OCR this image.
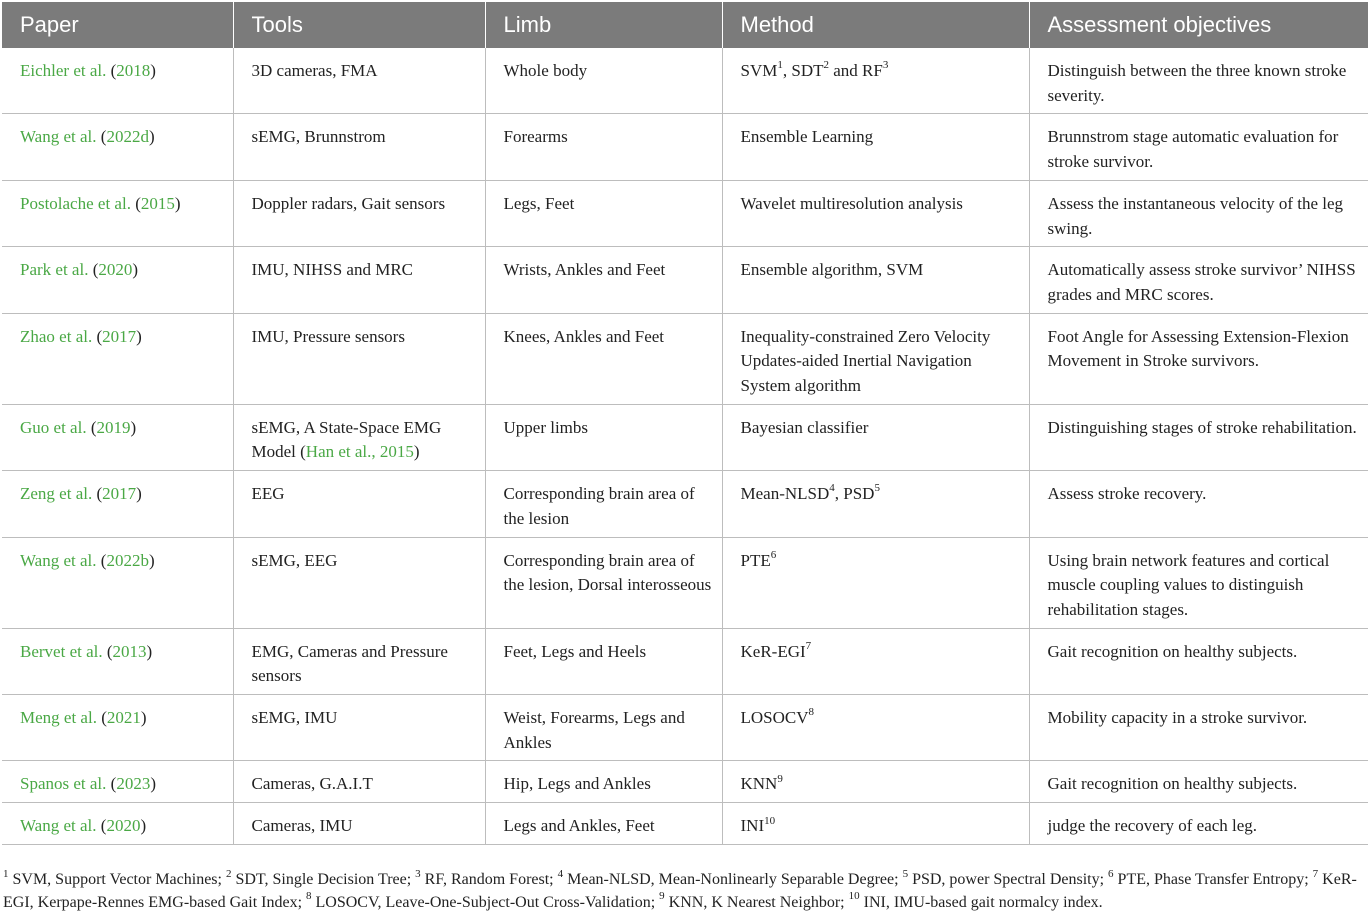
Paper	Tools	Limb	Method	Assessment objectives
Eichler et al. (2018)	3D cameras, FMA	Whole body	SVM$^1$, SDT$^2$ and $RF^3$	Distinguish between the three known stroke severity.
Wang et al. (2022d)	sEMG, Brunnstrom	Forearms	Ensemble Learning	Brunnstrom stage automatic evaluation for stroke survivor.
Postolache et al. (2015)	Doppler radars, Gait sensors	Legs, Feet	Wavelet multiresolution analysis	Assess the instantaneous velocity of the leg swing.
Park et al. (2020)	IMU, NIHSS and MRC	Wrists, Ankles and Feet	Ensemble algorithm, SVM	Automatically assess stroke survivor’ NIHSS grades and MRC scores.
Zhao et al. (2017)	IMU, Pressure sensors	Knees, Ankles and Feet	Inequality-constrained Zero Velocity Updates-aided Inertial Navigation System algorithm	Foot Angle for Assessing Extension-Flexion Movement in Stroke survivors.
Guo et al. (2019)	sEMG, A State-Space EMG Model (Han et al., 2015)	Upper limbs	Bayesian classifier	Distinguishing stages of stroke rehabilitation.
Zeng et al. (2017)	EEG	Corresponding brain area of the lesion	Mean-NLSD$^4$, PSD$^5$	Assess stroke recovery.
Wang et al. (2022b)	sEMG, EEG	Corresponding brain area of the lesion, Dorsal interosseous	PTE$^6$	Using brain network features and cortical muscle coupling values to distinguish rehabilitation stages.
Bervet et al. (2013)	EMG, Cameras and Pressure sensors	Feet, Legs and Heels	KeR-EGI$^7$	Gait recognition on healthy subjects.
Meng et al. (2021)	sEMG, IMU	Weist, Forearms, Legs and Ankles	LOSOCV$^8$	Mobility capacity in a stroke survivor.
Spanos et al. (2023)	Cameras, G.A.I.T	Hip, Legs and Ankles	KNN$^9$	Gait recognition on healthy subjects.
Wang et al. (2020)	Cameras, IMU	Legs and Ankles, Feet	INI$^{10}$	judge the recovery of each leg.
$^1$ SVM, Support Vector Machines; $^2$ SDT, Single Decision Tree; $^3$ RF, Random Forest; $^4$ Mean-NLSD, Mean-Nonlinearly Separable Degree; $^5$ PSD, power Spectral Density; $^6$ PTE, Phase Transfer Entropy; $^7$ KeR-EGI, Kerpape-Rennes EMG-based Gait Index; $^8$ LOSOCV, Leave-One-Subject-Out Cross-Validation; $^9$ KNN, K Nearest Neighbor; $^{10}$ INI, IMU-based gait normalcy index.
